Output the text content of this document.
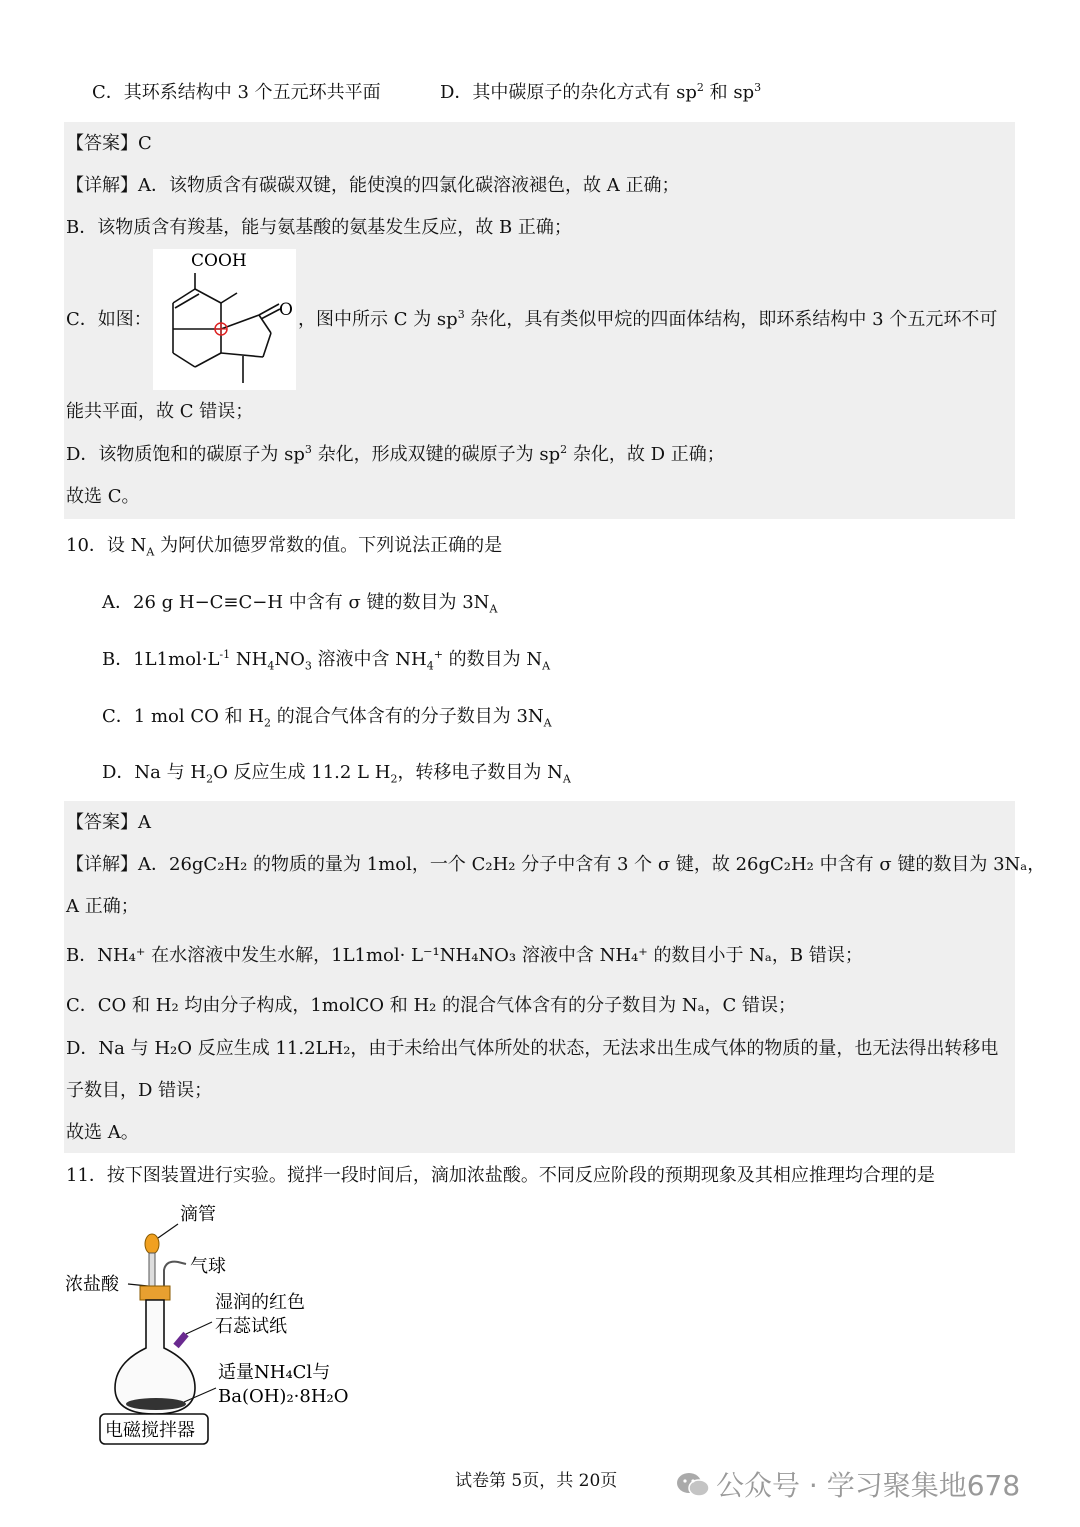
C．其环系结构中 3 个五元环共平面	D．其中碳原子的杂化方式有 $sp^2$ 和 $sp^3$
【答案】C
【详解】A．该物质含有碳碳双键，能使溴的四氯化碳溶液褪色，故 A 正确；
B．该物质含有羧基，能与氨基酸的氨基发生反应，故 B 正确；
C．如图：
COOH
O ，图中所示 C 为 $sp^3$ 杂化，具有类似甲烷的四面体结构，即环系结构中 3 个五元环不可
能共平面，故 C 错误；
D．该物质饱和的碳原子为 $sp^3$ 杂化，形成双键的碳原子为 $sp^2$ 杂化，故 D 正确；
故选 C。
10．设 $N_A$ 为阿伏加德罗常数的值。下列说法正确的是
A．26 g H−C≡C−H 中含有 σ 键的数目为 $3N_A$
B．$1L1mol\cdot L^{-1}$ $NH_4NO_3$ 溶液中含 $NH_4^+$ 的数目为 $N_A$
C．1 mol CO 和 $H_2$ 的混合气体含有的分子数目为 $3N_A$
D．Na 与 $H_2O$ 反应生成 11.2 L $H_2$，转移电子数目为 $N_A$
【答案】A
【详解】A．26gC₂H₂ 的物质的量为 1mol，一个 C₂H₂ 分子中含有 3 个 σ 键，故 26gC₂H₂ 中含有 σ 键的数目为 3Nₐ，
A 正确；
B．NH₄⁺ 在水溶液中发生水解，1L1mol· L⁻¹NH₄NO₃ 溶液中含 NH₄⁺ 的数目小于 Nₐ，B 错误；
C．CO 和 H₂ 均由分子构成，1molCO 和 H₂ 的混合气体含有的分子数目为 Nₐ，C 错误；
D．Na 与 H₂O 反应生成 11.2LH₂，由于未给出气体所处的状态，无法求出生成气体的物质的量，也无法得出转移电
子数目，D 错误；
故选 A。
11．按下图装置进行实验。搅拌一段时间后，滴加浓盐酸。不同反应阶段的预期现象及其相应推理均合理的是
滴管
气球
浓盐酸
湿润的红色
石蕊试纸
适量NH₄Cl与
Ba(OH)₂·8H₂O
电磁搅拌器
试卷第 5页，共 20页	公众号 · 学习聚集地678
